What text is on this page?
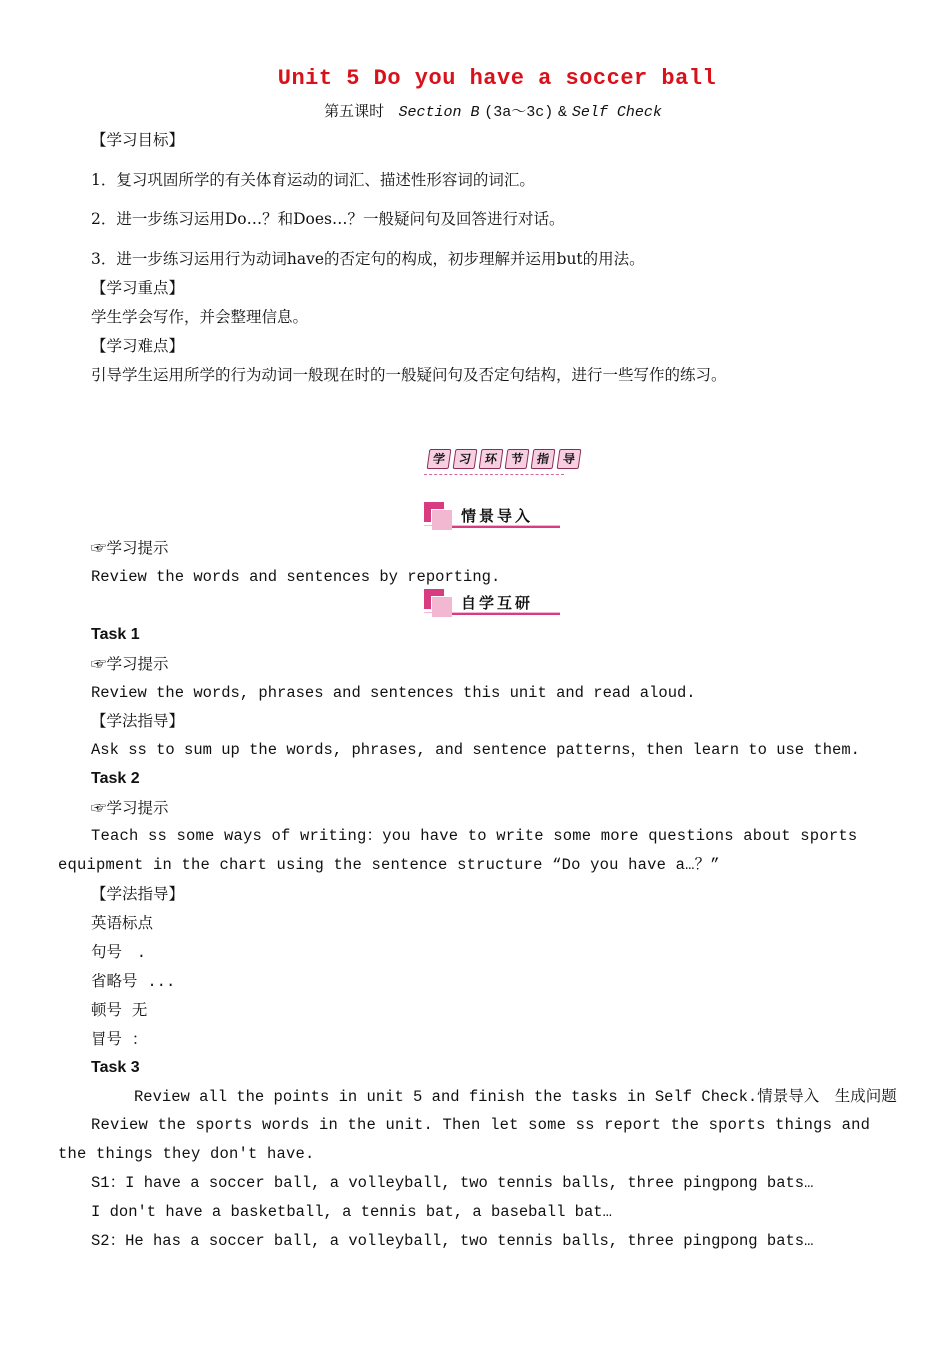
Unit 5 Do you have a soccer ball
第五课时 Section B (3a～3c) & Self Check
【学习目标】
1．复习巩固所学的有关体育运动的词汇、描述性形容词的词汇。
2．进一步练习运用Do…？和Does…？一般疑问句及回答进行对话。
3．进一步练习运用行为动词have的否定句的构成，初步理解并运用but的用法。
【学习重点】
学生学会写作，并会整理信息。
【学习难点】
引导学生运用所学的行为动词一般现在时的一般疑问句及否定句结构，进行一些写作的练习。
学	习	环	节	指	导
情景导入
☞学习提示
Review the words and sentences by reporting.
自学互研
Task 1
☞学习提示
Review the words, phrases and sentences this unit and read aloud.
【学法指导】
Ask ss to sum up the words, phrases, and sentence patterns，then learn to use them.
Task 2
☞学习提示
Teach ss some ways of writing：you have to write some more questions about sports equipment in the chart using the sentence structure “Do you have a…？”
【学法指导】
英语标点
句号 .
省略号 ...
顿号 无
冒号 ：
Task 3
Review all the points in unit 5 and finish the tasks in Self Check.情景导入　生成问题
Review the sports words in the unit. Then let some ss report the sports things and the things they don't have.
S1：I have a soccer ball, a volleyball, two tennis balls, three pingpong bats…
I don't have a basketball, a tennis bat, a baseball bat…
S2：He has a soccer ball, a volleyball, two tennis balls, three pingpong bats…
